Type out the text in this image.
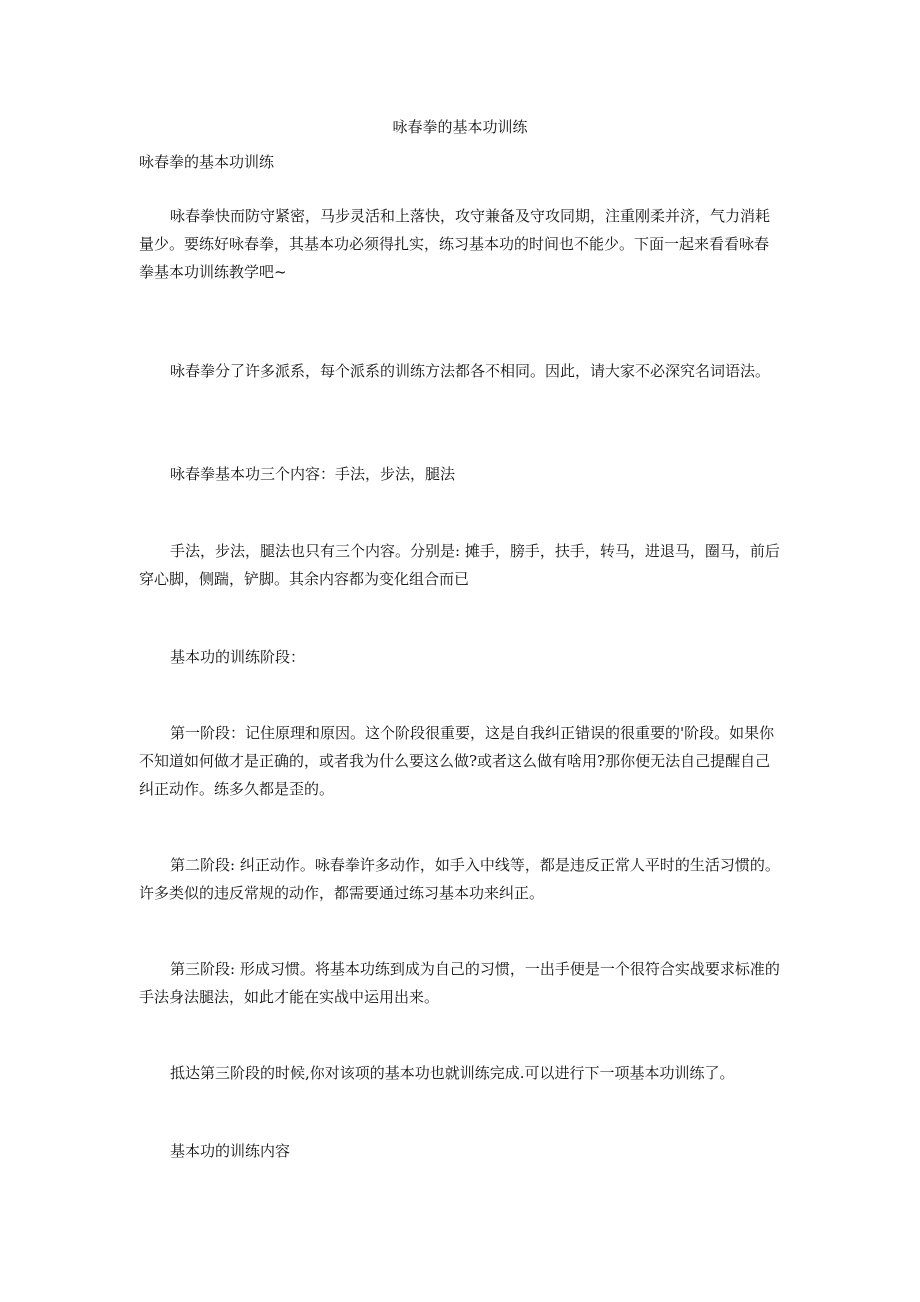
咏春拳的基本功训练

咏春拳的基本功训练

咏春拳快而防守紧密，马步灵活和上落快，攻守兼备及守攻同期，注重刚柔并济，气力消耗量少。要练好咏春拳，其基本功必须得扎实，练习基本功的时间也不能少。下面一起来看看咏春拳基本功训练教学吧~

咏春拳分了许多派系，每个派系的训练方法都各不相同。因此，请大家不必深究名词语法。

咏春拳基本功三个内容：手法，步法，腿法

手法，步法，腿法也只有三个内容。分别是: 摊手，膀手，扶手，转马，进退马，圈马，前后穿心脚，侧踹，铲脚。其余内容都为变化组合而已

基本功的训练阶段：

第一阶段：记住原理和原因。这个阶段很重要，这是自我纠正错误的很重要的'阶段。如果你不知道如何做才是正确的，或者我为什么要这么做?或者这么做有啥用?那你便无法自己提醒自己纠正动作。练多久都是歪的。

第二阶段: 纠正动作。咏春拳许多动作，如手入中线等，都是违反正常人平时的生活习惯的。许多类似的违反常规的动作，都需要通过练习基本功来纠正。

第三阶段: 形成习惯。将基本功练到成为自己的习惯，一出手便是一个很符合实战要求标准的手法身法腿法，如此才能在实战中运用出来。

抵达第三阶段的时候,你对该项的基本功也就训练完成.可以进行下一项基本功训练了。

基本功的训练内容
